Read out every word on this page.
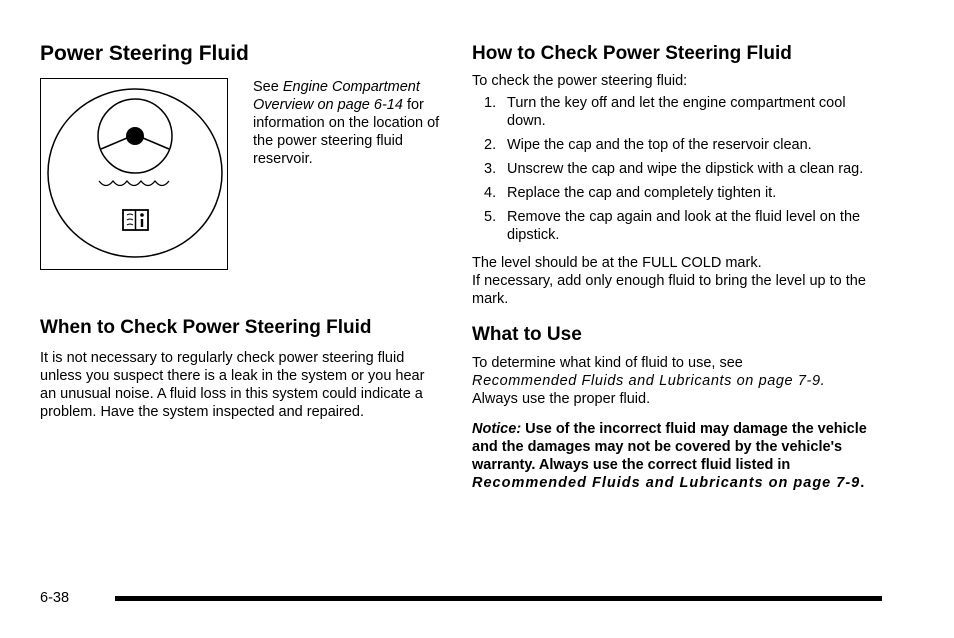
Power Steering Fluid
See Engine Compartment Overview on page 6-14 for information on the location of the power steering fluid reservoir.
When to Check Power Steering Fluid

It is not necessary to regularly check power steering fluid unless you suspect there is a leak in the system or you hear an unusual noise. A fluid loss in this system could indicate a problem. Have the system inspected and repaired.

How to Check Power Steering Fluid

To check the power steering fluid:

1. Turn the key off and let the engine compartment cool down.
2. Wipe the cap and the top of the reservoir clean.
3. Unscrew the cap and wipe the dipstick with a clean rag.
4. Replace the cap and completely tighten it.
5. Remove the cap again and look at the fluid level on the dipstick.

The level should be at the FULL COLD mark.

If necessary, add only enough fluid to bring the level up to the mark.

What to Use

To determine what kind of fluid to use, see

Recommended Fluids and Lubricants on page 7-9.

Always use the proper fluid.

Notice: Use of the incorrect fluid may damage the vehicle and the damages may not be covered by the vehicle's warranty. Always use the correct fluid listed in Recommended Fluids and Lubricants on page 7-9.

6-38
